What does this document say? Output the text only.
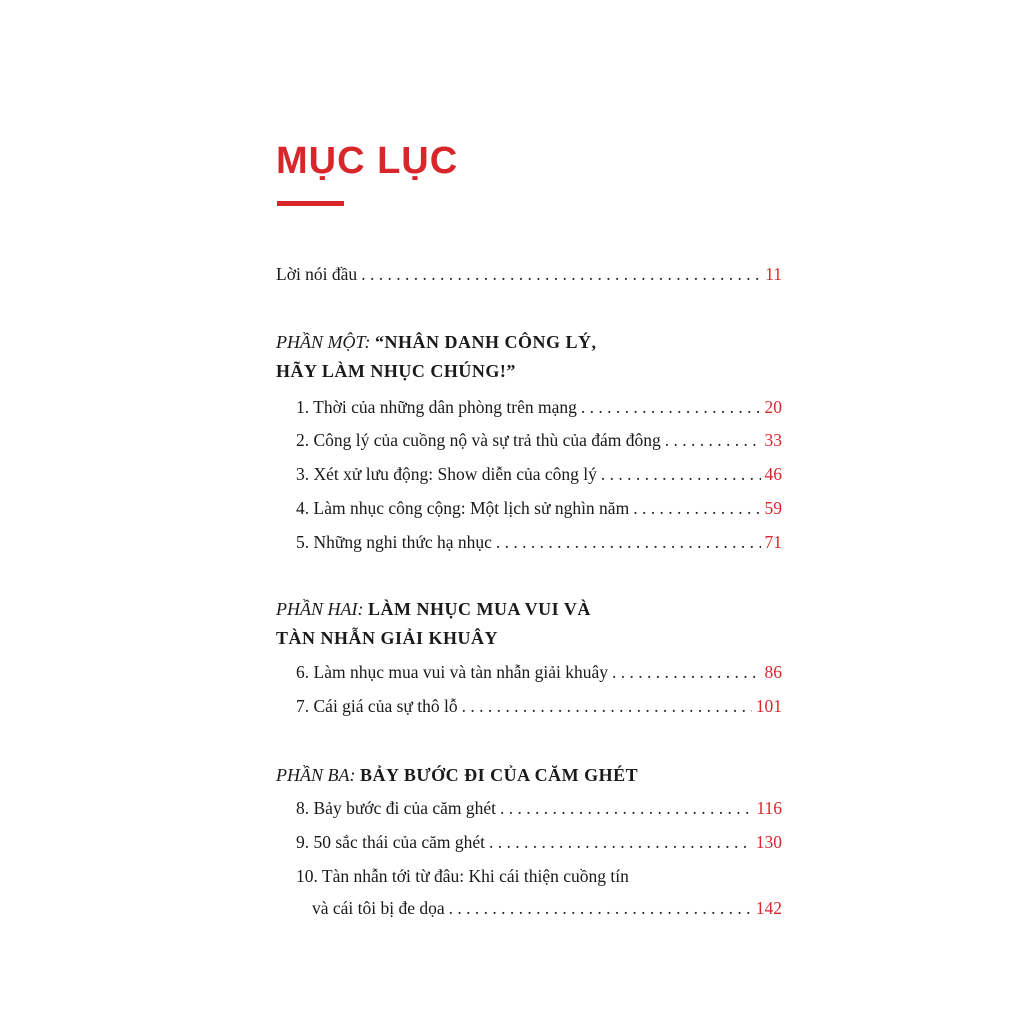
MỤC LỤC
Lời nói đầu . . .	11
PHẦN MỘT: “NHÂN DANH CÔNG LÝ,
HÃY LÀM NHỤC CHÚNG!”
1. Thời của những dân phòng trên mạng . . .	20
2. Công lý của cuồng nộ và sự trả thù của đám đông . . .	33
3. Xét xử lưu động: Show diễn của công lý . . .	46
4. Làm nhục công cộng: Một lịch sử nghìn năm . . .	59
5. Những nghi thức hạ nhục . . .	71
PHẦN HAI: LÀM NHỤC MUA VUI VÀ
TÀN NHẪN GIẢI KHUÂY
6. Làm nhục mua vui và tàn nhẫn giải khuây . . .	86
7. Cái giá của sự thô lỗ . . .	101
PHẦN BA: BẢY BƯỚC ĐI CỦA CĂM GHÉT
8. Bảy bước đi của căm ghét . . .	116
9. 50 sắc thái của căm ghét . . .	130
10. Tàn nhẫn tới từ đâu: Khi cái thiện cuồng tín
và cái tôi bị đe dọa . . .	142
